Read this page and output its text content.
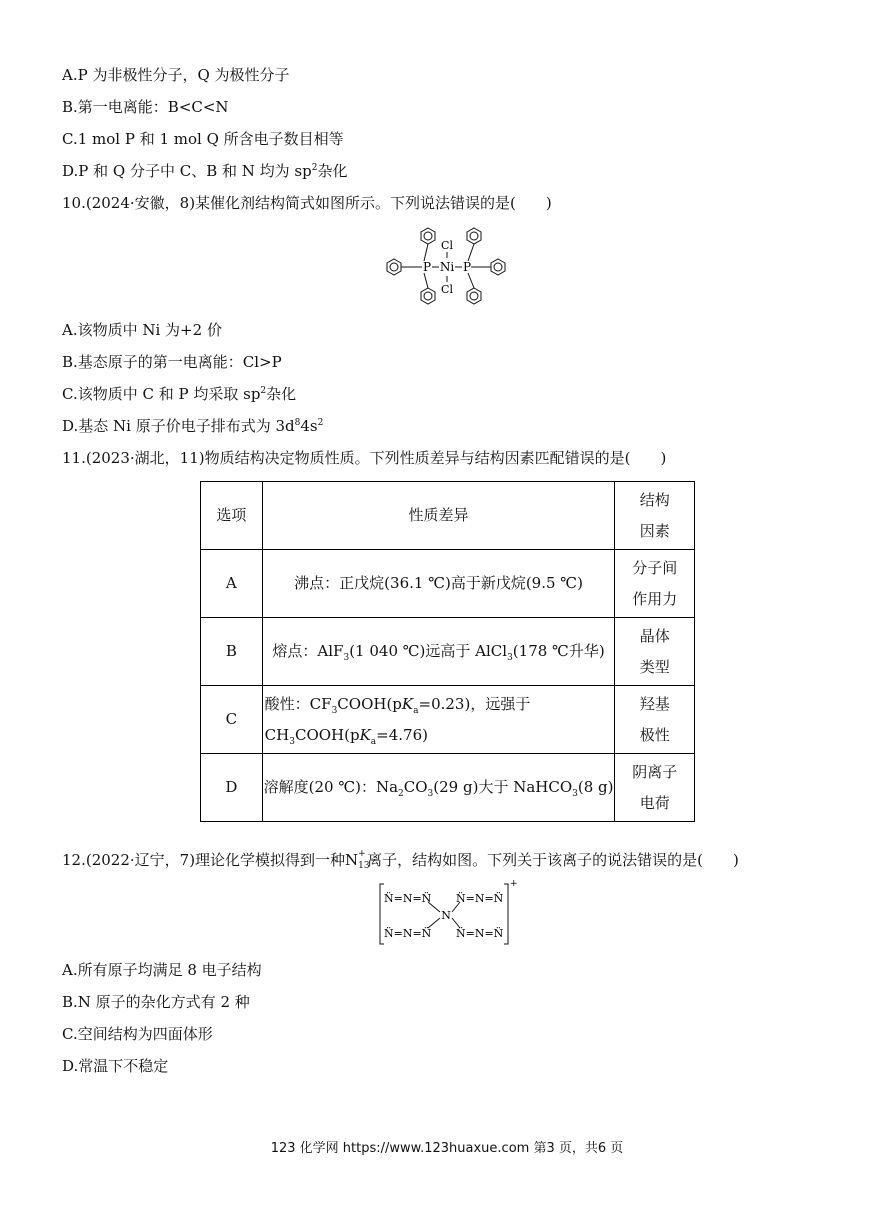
A.P 为非极性分子，Q 为极性分子
B.第一电离能：B<C<N
C.1 mol P 和 1 mol Q 所含电子数目相等
D.P 和 Q 分子中 C、B 和 N 均为 $sp^2$杂化
10.(2024·安徽，8)某催化剂结构简式如图所示。下列说法错误的是(　　)
P Ni P
Cl
Cl
A.该物质中 Ni 为+2 价
B.基态原子的第一电离能：Cl>P
C.该物质中 C 和 P 均采取 $sp^2$杂化
D.基态 Ni 原子价电子排布式为 $3d^84s^2$
11.(2023·湖北，11)物质结构决定物质性质。下列性质差异与结构因素匹配错误的是(　　)
选项	性质差异	结构
因素
A	沸点：正戊烷(36.1 ℃)高于新戊烷(9.5 ℃)	分子间
作用力
B	熔点：AlF$_3$(1 040 ℃)远高于 AlCl$_3$(178 ℃升华)	晶体
类型
C	酸性：$CF_3COOH(pK_a=0.23)$，远强于
$CH_3COOH(pK_a=4.76)$	羟基
极性
D	溶解度(20 ℃)：$Na_2CO_3(29$ g)大于 NaHCO$_3$(8 g)	阴离子
电荷
12.(2022·辽宁，7)理论化学模拟得到一种N +
13
离子，结构如图。下列关于该离子的说法错误的是(　　)
N̈=N=N̈
N̈=N=N̈
N
N̈=N=N̈
N̈=N=N̈
+
A.所有原子均满足 8 电子结构
B.N 原子的杂化方式有 2 种
C.空间结构为四面体形
D.常温下不稳定
123 化学网 https://www.123huaxue.com 第3 页，共6 页
